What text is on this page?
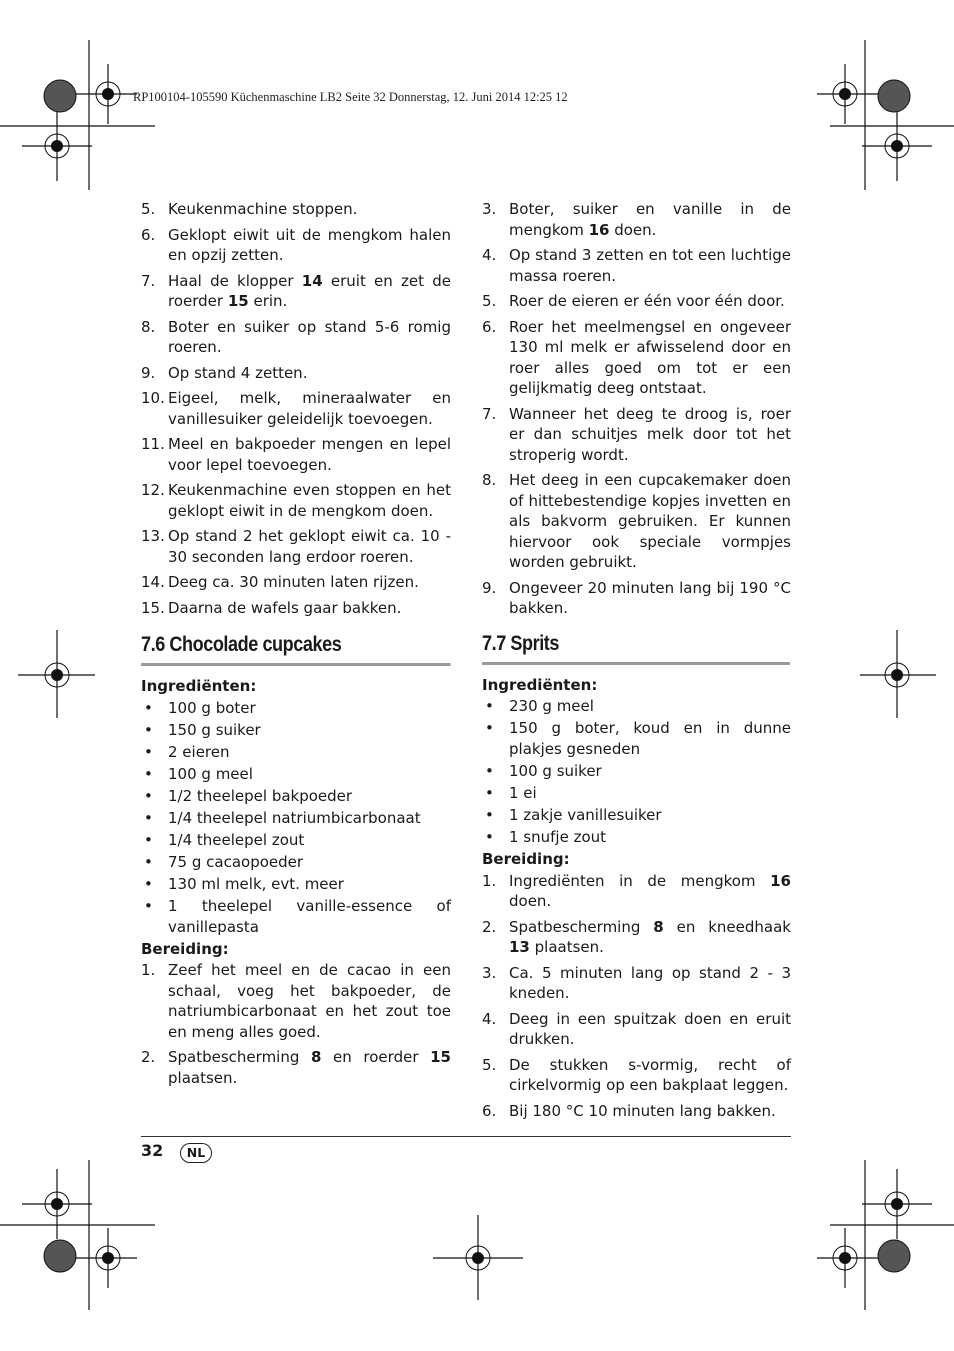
RP100104-105590 Küchenmaschine LB2 Seite 32 Donnerstag, 12. Juni 2014 12:25 12
5. Keukenmachine stoppen.
6. Geklopt eiwit uit de mengkom halen en opzij zetten.
7. Haal de klopper 14 eruit en zet de roerder 15 erin.
8. Boter en suiker op stand 5-6 romig roeren.
9. Op stand 4 zetten.
10. Eigeel, melk, mineraalwater en vanillesuiker geleidelijk toevoegen.
11. Meel en bakpoeder mengen en lepel voor lepel toevoegen.
12. Keukenmachine even stoppen en het geklopt eiwit in de mengkom doen.
13. Op stand 2 het geklopt eiwit ca. 10 - 30 seconden lang erdoor roeren.
14. Deeg ca. 30 minuten laten rijzen.
15. Daarna de wafels gaar bakken.
7.6 Chocolade cupcakes
Ingrediënten:
•	100 g boter
•	150 g suiker
•	2 eieren
•	100 g meel
•	1/2 theelepel bakpoeder
•	1/4 theelepel natriumbicarbonaat
•	1/4 theelepel zout
•	75 g cacaopoeder
•	130 ml melk, evt. meer
•	1 theelepel vanille-essence of vanillepasta
Bereiding:
1. Zeef het meel en de cacao in een schaal, voeg het bakpoeder, de natriumbicarbonaat en het zout toe en meng alles goed.
2. Spatbescherming 8 en roerder 15 plaatsen.
3. Boter, suiker en vanille in de mengkom 16 doen.
4. Op stand 3 zetten en tot een luchtige massa roeren.
5. Roer de eieren er één voor één door.
6. Roer het meelmengsel en ongeveer 130 ml melk er afwisselend door en roer alles goed om tot er een gelijkmatig deeg ontstaat.
7. Wanneer het deeg te droog is, roer er dan schuitjes melk door tot het stroperig wordt.
8. Het deeg in een cupcakemaker doen of hittebestendige kopjes invetten en als bakvorm gebruiken. Er kunnen hiervoor ook speciale vormpjes worden gebruikt.
9. Ongeveer 20 minuten lang bij 190 °C bakken.
7.7 Sprits
Ingrediënten:
•	230 g meel
•	150 g boter, koud en in dunne plakjes gesneden
•	100 g suiker
•	1 ei
•	1 zakje vanillesuiker
•	1 snufje zout
Bereiding:
1. Ingrediënten in de mengkom 16 doen.
2. Spatbescherming 8 en kneedhaak 13 plaatsen.
3. Ca. 5 minuten lang op stand 2 - 3 kneden.
4. Deeg in een spuitzak doen en eruit drukken.
5. De stukken s-vormig, recht of cirkelvormig op een bakplaat leggen.
6. Bij 180 °C 10 minuten lang bakken.
32	NL
